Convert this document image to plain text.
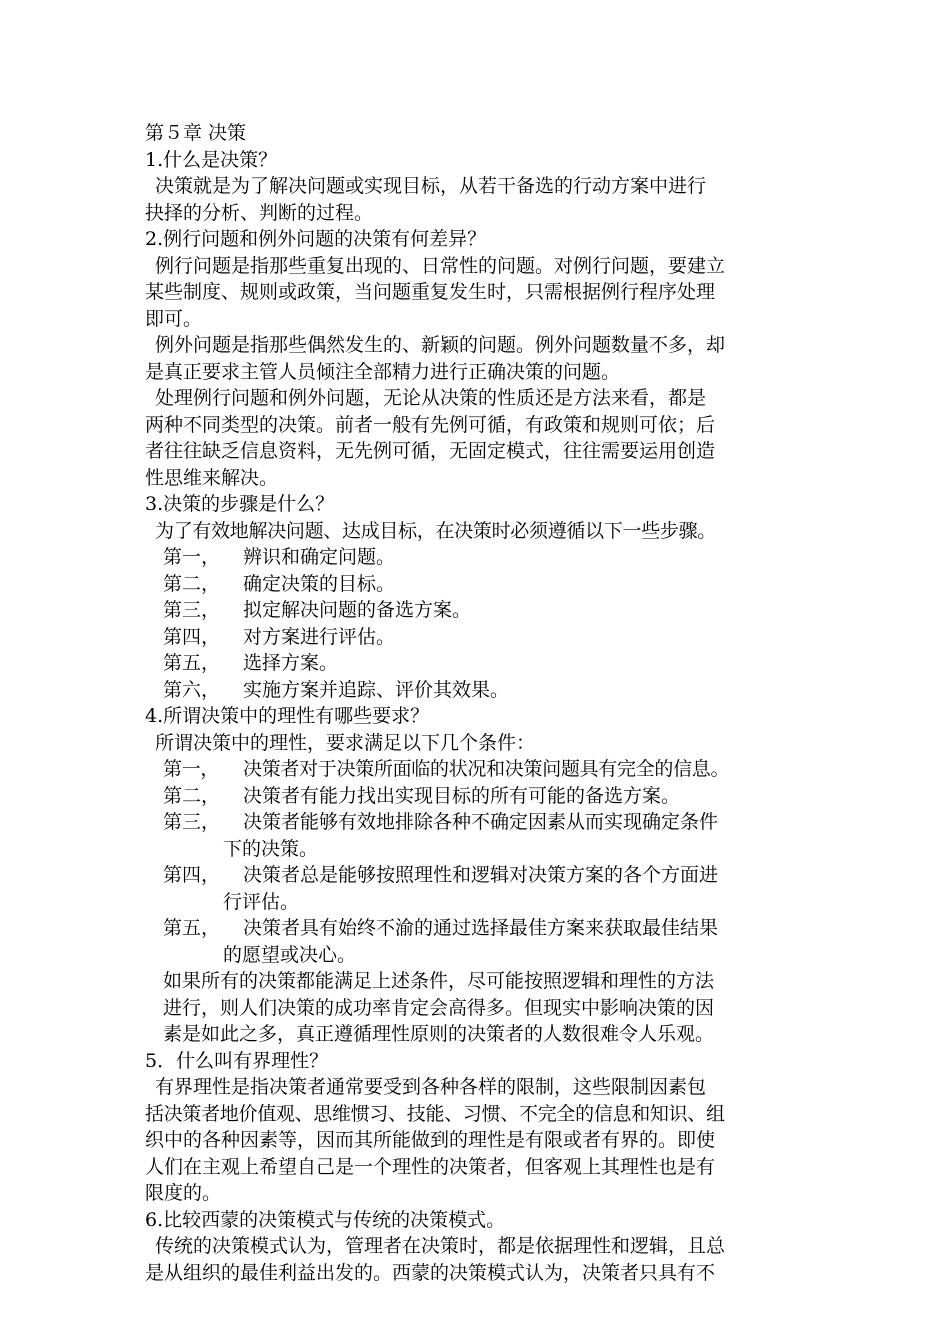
第５章 决策
1.什么是决策？
决策就是为了解决问题或实现目标，从若干备选的行动方案中进行
抉择的分析、判断的过程。
2.例行问题和例外问题的决策有何差异？
例行问题是指那些重复出现的、日常性的问题。对例行问题，要建立
某些制度、规则或政策，当问题重复发生时，只需根据例行程序处理
即可。
例外问题是指那些偶然发生的、新颖的问题。例外问题数量不多，却
是真正要求主管人员倾注全部精力进行正确决策的问题。
处理例行问题和例外问题，无论从决策的性质还是方法来看，都是
两种不同类型的决策。前者一般有先例可循，有政策和规则可依；后
者往往缺乏信息资料，无先例可循，无固定模式，往往需要运用创造
性思维来解决。
3.决策的步骤是什么？
为了有效地解决问题、达成目标，在决策时必须遵循以下一些步骤。
第一， 辨识和确定问题。
第二， 确定决策的目标。
第三， 拟定解决问题的备选方案。
第四， 对方案进行评估。
第五， 选择方案。
第六， 实施方案并追踪、评价其效果。
4.所谓决策中的理性有哪些要求？
所谓决策中的理性，要求满足以下几个条件：
第一， 决策者对于决策所面临的状况和决策问题具有完全的信息。
第二， 决策者有能力找出实现目标的所有可能的备选方案。
第三， 决策者能够有效地排除各种不确定因素从而实现确定条件
下的决策。
第四， 决策者总是能够按照理性和逻辑对决策方案的各个方面进
行评估。
第五， 决策者具有始终不渝的通过选择最佳方案来获取最佳结果
的愿望或决心。
如果所有的决策都能满足上述条件，尽可能按照逻辑和理性的方法
进行，则人们决策的成功率肯定会高得多。但现实中影响决策的因
素是如此之多，真正遵循理性原则的决策者的人数很难令人乐观。
5．什么叫有界理性？
有界理性是指决策者通常要受到各种各样的限制，这些限制因素包
括决策者地价值观、思维惯习、技能、习惯、不完全的信息和知识、组
织中的各种因素等，因而其所能做到的理性是有限或者有界的。即使
人们在主观上希望自己是一个理性的决策者，但客观上其理性也是有
限度的。
6.比较西蒙的决策模式与传统的决策模式。
传统的决策模式认为，管理者在决策时，都是依据理性和逻辑，且总
是从组织的最佳利益出发的。西蒙的决策模式认为，决策者只具有不
